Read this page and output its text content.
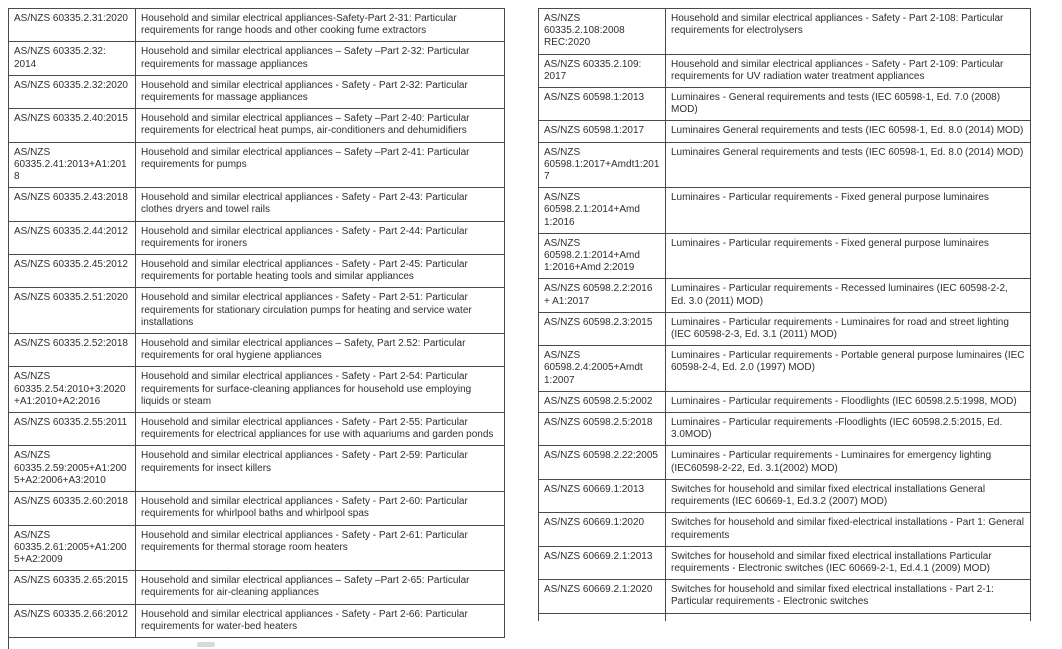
AS/NZS 60335.2.31:2020	Household and similar electrical appliances-Safety-Part 2-31: Particular requirements for range hoods and other cooking fume extractors
AS/NZS 60335.2.32: 2014	Household and similar electrical appliances – Safety –Part 2-32: Particular requirements for massage appliances
AS/NZS 60335.2.32:2020	Household and similar electrical appliances - Safety - Part 2-32: Particular requirements for massage appliances
AS/NZS 60335.2.40:2015	Household and similar electrical appliances – Safety –Part 2-40: Particular requirements for electrical heat pumps, air-conditioners and dehumidifiers
AS/NZS 60335.2.41:2013+A1:2018	Household and similar electrical appliances – Safety –Part 2-41: Particular requirements for pumps
AS/NZS 60335.2.43:2018	Household and similar electrical appliances - Safety - Part 2-43: Particular clothes dryers and towel rails
AS/NZS 60335.2.44:2012	Household and similar electrical appliances - Safety - Part 2-44: Particular requirements for ironers
AS/NZS 60335.2.45:2012	Household and similar electrical appliances - Safety - Part 2-45: Particular requirements for portable heating tools and similar appliances
AS/NZS 60335.2.51:2020	Household and similar electrical appliances - Safety - Part 2-51: Particular requirements for stationary circulation pumps for heating and service water installations
AS/NZS 60335.2.52:2018	Household and similar electrical appliances – Safety, Part 2.52: Particular requirements for oral hygiene appliances
AS/NZS 60335.2.54:2010+3:2020 +A1:2010+A2:2016	Household and similar electrical appliances - Safety - Part 2-54: Particular requirements for surface-cleaning appliances for household use employing liquids or steam
AS/NZS 60335.2.55:2011	Household and similar electrical appliances - Safety - Part 2-55: Particular requirements for electrical appliances for use with aquariums and garden ponds
AS/NZS 60335.2.59:2005+A1:2005+A2:2006+A3:2010	Household and similar electrical appliances - Safety - Part 2-59: Particular requirements for insect killers
AS/NZS 60335.2.60:2018	Household and similar electrical appliances - Safety - Part 2-60: Particular requirements for whirlpool baths and whirlpool spas
AS/NZS 60335.2.61:2005+A1:2005+A2:2009	Household and similar electrical appliances - Safety - Part 2-61: Particular requirements for thermal storage room heaters
AS/NZS 60335.2.65:2015	Household and similar electrical appliances – Safety –Part 2-65: Particular requirements for air-cleaning appliances
AS/NZS 60335.2.66:2012	Household and similar electrical appliances - Safety - Part 2-66: Particular requirements for water-bed heaters

AS/NZS 60335.2.108:2008 REC:2020	Household and similar electrical appliances - Safety - Part 2-108: Particular requirements for electrolysers
AS/NZS 60335.2.109: 2017	Household and similar electrical appliances - Safety - Part 2-109: Particular requirements for UV radiation water treatment appliances
AS/NZS 60598.1:2013	Luminaires - General requirements and tests (IEC 60598-1, Ed. 7.0 (2008) MOD)
AS/NZS 60598.1:2017	Luminaires General requirements and tests (IEC 60598-1, Ed. 8.0 (2014) MOD)
AS/NZS 60598.1:2017+Amdt1:2017	Luminaires General requirements and tests (IEC 60598-1, Ed. 8.0 (2014) MOD)
AS/NZS 60598.2.1:2014+Amd 1:2016	Luminaires - Particular requirements - Fixed general purpose luminaires
AS/NZS 60598.2.1:2014+Amd 1:2016+Amd 2:2019	Luminaires - Particular requirements - Fixed general purpose luminaires
AS/NZS 60598.2.2:2016 + A1:2017	Luminaires - Particular requirements - Recessed luminaires (IEC 60598-2-2, Ed. 3.0 (2011) MOD)
AS/NZS 60598.2.3:2015	Luminaires - Particular requirements - Luminaires for road and street lighting (IEC 60598-2-3, Ed. 3.1 (2011) MOD)
AS/NZS 60598.2.4:2005+Amdt 1:2007	Luminaires - Particular requirements - Portable general purpose luminaires (IEC 60598-2-4, Ed. 2.0 (1997) MOD)
AS/NZS 60598.2.5:2002	Luminaires - Particular requirements - Floodlights (IEC 60598.2.5:1998, MOD)
AS/NZS 60598.2.5:2018	Luminaires - Particular requirements -Floodlights (IEC 60598.2.5:2015, Ed. 3.0MOD)
AS/NZS 60598.2.22:2005	Luminaires - Particular requirements - Luminaires for emergency lighting (IEC60598-2-22, Ed. 3.1(2002) MOD)
AS/NZS 60669.1:2013	Switches for household and similar fixed electrical installations General requirements (IEC 60669-1, Ed.3.2 (2007) MOD)
AS/NZS 60669.1:2020	Switches for household and similar fixed-electrical installations - Part 1: General requirements
AS/NZS 60669.2.1:2013	Switches for household and similar fixed electrical installations Particular requirements - Electronic switches (IEC 60669-2-1, Ed.4.1 (2009) MOD)
AS/NZS 60669.2.1:2020	Switches for household and similar fixed electrical installations - Part 2-1: Particular requirements - Electronic switches
